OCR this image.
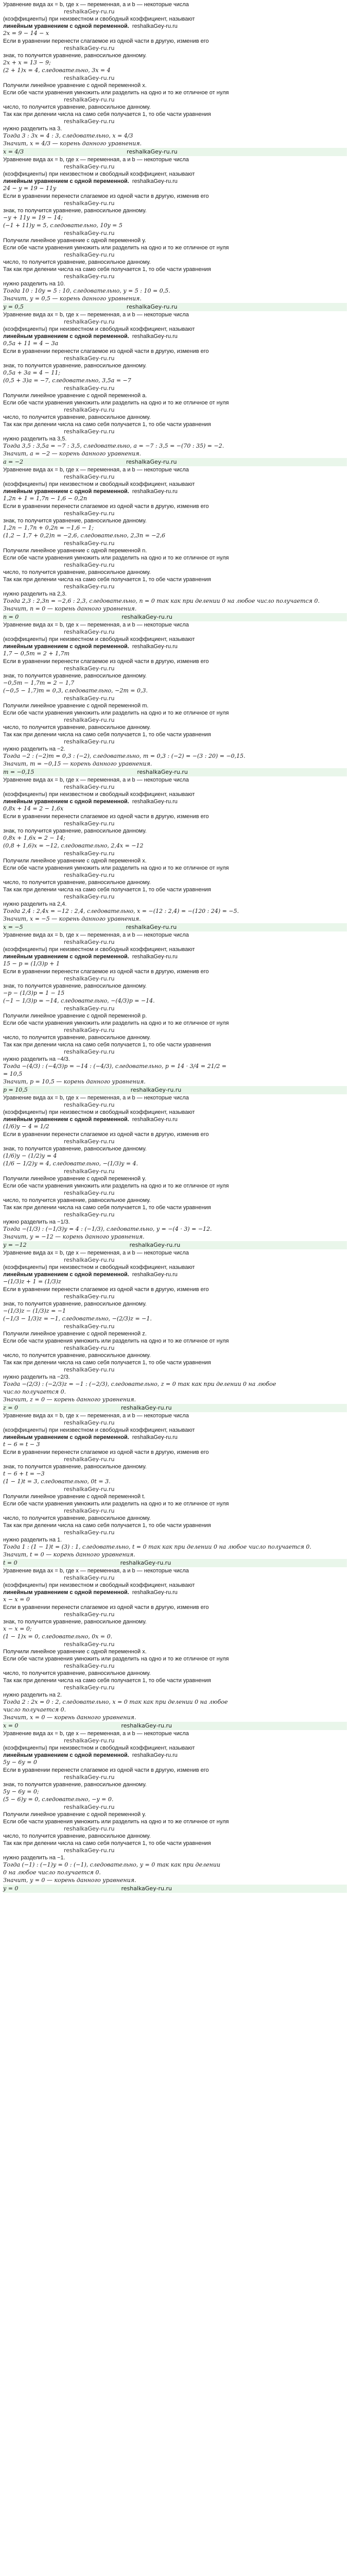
Уравнение вида ax = b, где x — переменная, a и b — некоторые числа
reshalkaGey-ru.ru
(коэффициенты) при неизвестном и свободный коэффициент, называют
линейным уравнением с одной переменной. reshalkaGey-ru.ru
2x = 9 − 14 − x
Если в уравнении перенести слагаемое из одной части в другую, изменив его
reshalkaGey-ru.ru
знак, то получится уравнение, равносильное данному.
2x + x = 13 − 9;
(2 + 1)x = 4, следовательно, 3x = 4
reshalkaGey-ru.ru
Получили линейное уравнение с одной переменной x.
Если обе части уравнения умножить или разделить на одно и то же отличное от нуля
reshalkaGey-ru.ru
число, то получится уравнение, равносильное данному.
Так как при делении числа на само себя получается 1, то обе части уравнения
reshalkaGey-ru.ru
нужно разделить на 3.
Тогда 3 : 3x = 4 : 3, следовательно, x = 4/3
Значит, x = 4/3 — корень данного уравнения.
x = 4/3	reshalkaGey-ru.ru
Уравнение вида ax = b, где x — переменная, a и b — некоторые числа
reshalkaGey-ru.ru
(коэффициенты) при неизвестном и свободный коэффициент, называют
линейным уравнением с одной переменной. reshalkaGey-ru.ru
24 − y = 19 − 11y
Если в уравнении перенести слагаемое из одной части в другую, изменив его
reshalkaGey-ru.ru
знак, то получится уравнение, равносильное данному.
−y + 11y = 19 − 14;
(−1 + 11)y = 5, следовательно, 10y = 5
reshalkaGey-ru.ru
Получили линейное уравнение с одной переменной y.
Если обе части уравнения умножить или разделить на одно и то же отличное от нуля
reshalkaGey-ru.ru
число, то получится уравнение, равносильное данному.
Так как при делении числа на само себя получается 1, то обе части уравнения
reshalkaGey-ru.ru
нужно разделить на 10.
Тогда 10 : 10y = 5 : 10, следовательно, y = 5 : 10 = 0,5.
Значит, y = 0,5 — корень данного уравнения.
y = 0,5	reshalkaGey-ru.ru
Уравнение вида ax = b, где x — переменная, a и b — некоторые числа
reshalkaGey-ru.ru
(коэффициенты) при неизвестном и свободный коэффициент, называют
линейным уравнением с одной переменной. reshalkaGey-ru.ru
0,5a + 11 = 4 − 3a
Если в уравнении перенести слагаемое из одной части в другую, изменив его
reshalkaGey-ru.ru
знак, то получится уравнение, равносильное данному.
0,5a + 3a = 4 − 11;
(0,5 + 3)a = −7, следовательно, 3,5a = −7
reshalkaGey-ru.ru
Получили линейное уравнение с одной переменной a.
Если обе части уравнения умножить или разделить на одно и то же отличное от нуля
reshalkaGey-ru.ru
число, то получится уравнение, равносильное данному.
Так как при делении числа на само себя получается 1, то обе части уравнения
reshalkaGey-ru.ru
нужно разделить на 3,5.
Тогда 3,5 : 3,5a = −7 : 3,5, следовательно, a = −7 : 3,5 = −(70 : 35) = −2.
Значит, a = −2 — корень данного уравнения.
a = −2	reshalkaGey-ru.ru
Уравнение вида ax = b, где x — переменная, a и b — некоторые числа
reshalkaGey-ru.ru
(коэффициенты) при неизвестном и свободный коэффициент, называют
линейным уравнением с одной переменной. reshalkaGey-ru.ru
1,2n + 1 = 1,7n − 1,6 − 0,2n
Если в уравнении перенести слагаемое из одной части в другую, изменив его
reshalkaGey-ru.ru
знак, то получится уравнение, равносильное данному.
1,2n − 1,7n + 0,2n = −1,6 − 1;
(1,2 − 1,7 + 0,2)n = −2,6, следовательно, 2,3n = −2,6
reshalkaGey-ru.ru
Получили линейное уравнение с одной переменной n.
Если обе части уравнения умножить или разделить на одно и то же отличное от нуля
reshalkaGey-ru.ru
число, то получится уравнение, равносильное данному.
Так как при делении числа на само себя получается 1, то обе части уравнения
reshalkaGey-ru.ru
нужно разделить на 2,3.
Тогда 2,3 : 2,3n = −2,6 : 2,3, следовательно, n = 0 так как при делении 0 на любое число получается 0.
Значит, n = 0 — корень данного уравнения.
n = 0	reshalkaGey-ru.ru
Уравнение вида ax = b, где x — переменная, a и b — некоторые числа
reshalkaGey-ru.ru
(коэффициенты) при неизвестном и свободный коэффициент, называют
линейным уравнением с одной переменной. reshalkaGey-ru.ru
1,7 − 0,5m = 2 + 1,7m
Если в уравнении перенести слагаемое из одной части в другую, изменив его
reshalkaGey-ru.ru
знак, то получится уравнение, равносильное данному.
−0,5m − 1,7m = 2 − 1,7
(−0,5 − 1,7)m = 0,3, следовательно, −2m = 0,3.
reshalkaGey-ru.ru
Получили линейное уравнение с одной переменной m.
Если обе части уравнения умножить или разделить на одно и то же отличное от нуля
reshalkaGey-ru.ru
число, то получится уравнение, равносильное данному.
Так как при делении числа на само себя получается 1, то обе части уравнения
reshalkaGey-ru.ru
нужно разделить на −2.
Тогда −2 : (−2)m = 0,3 : (−2), следовательно, m = 0,3 : (−2) = −(3 : 20) = −0,15.
Значит, m = −0,15 — корень данного уравнения.
m = −0,15	reshalkaGey-ru.ru
Уравнение вида ax = b, где x — переменная, a и b — некоторые числа
reshalkaGey-ru.ru
(коэффициенты) при неизвестном и свободный коэффициент, называют
линейным уравнением с одной переменной. reshalkaGey-ru.ru
0,8x + 14 = 2 − 1,6x
Если в уравнении перенести слагаемое из одной части в другую, изменив его
reshalkaGey-ru.ru
знак, то получится уравнение, равносильное данному.
0,8x + 1,6x = 2 − 14;
(0,8 + 1,6)x = −12, следовательно, 2,4x = −12
reshalkaGey-ru.ru
Получили линейное уравнение с одной переменной x.
Если обе части уравнения умножить или разделить на одно и то же отличное от нуля
reshalkaGey-ru.ru
число, то получится уравнение, равносильное данному.
Так как при делении числа на само себя получается 1, то обе части уравнения
reshalkaGey-ru.ru
нужно разделить на 2,4.
Тогда 2,4 : 2,4x = −12 : 2,4, следовательно, x = −(12 : 2,4) = −(120 : 24) = −5.
Значит, x = −5 — корень данного уравнения.
x = −5	reshalkaGey-ru.ru
Уравнение вида ax = b, где x — переменная, a и b — некоторые числа
reshalkaGey-ru.ru
(коэффициенты) при неизвестном и свободный коэффициент, называют
линейным уравнением с одной переменной. reshalkaGey-ru.ru
15 − p = (1/3)p + 1
Если в уравнении перенести слагаемое из одной части в другую, изменив его
reshalkaGey-ru.ru
знак, то получится уравнение, равносильное данному.
−p − (1/3)p = 1 − 15
(−1 − 1/3)p = −14, следовательно, −(4/3)p = −14.
reshalkaGey-ru.ru
Получили линейное уравнение с одной переменной p.
Если обе части уравнения умножить или разделить на одно и то же отличное от нуля
reshalkaGey-ru.ru
число, то получится уравнение, равносильное данному.
Так как при делении числа на само себя получается 1, то обе части уравнения
reshalkaGey-ru.ru
нужно разделить на −4/3.
Тогда −(4/3) : (−4/3)p = −14 : (−4/3), следовательно, p = 14 · 3/4 = 21/2 =
= 10,5
Значит, p = 10,5 — корень данного уравнения.
p = 10,5	reshalkaGey-ru.ru
Уравнение вида ax = b, где x — переменная, a и b — некоторые числа
reshalkaGey-ru.ru
(коэффициенты) при неизвестном и свободный коэффициент, называют
линейным уравнением с одной переменной. reshalkaGey-ru.ru
(1/6)y − 4 = 1/2
Если в уравнении перенести слагаемое из одной части в другую, изменив его
reshalkaGey-ru.ru
знак, то получится уравнение, равносильное данному.
(1/6)y − (1/2)y = 4
(1/6 − 1/2)y = 4, следовательно, −(1/3)y = 4.
reshalkaGey-ru.ru
Получили линейное уравнение с одной переменной y.
Если обе части уравнения умножить или разделить на одно и то же отличное от нуля
reshalkaGey-ru.ru
число, то получится уравнение, равносильное данному.
Так как при делении числа на само себя получается 1, то обе части уравнения
reshalkaGey-ru.ru
нужно разделить на −1/3.
Тогда −(1/3) : (−1/3)y = 4 : (−1/3), следовательно, y = −(4 · 3) = −12.
Значит, y = −12 — корень данного уравнения.
y = −12	reshalkaGey-ru.ru
Уравнение вида ax = b, где x — переменная, a и b — некоторые числа
reshalkaGey-ru.ru
(коэффициенты) при неизвестном и свободный коэффициент, называют
линейным уравнением с одной переменной. reshalkaGey-ru.ru
−(1/3)z + 1 = (1/3)z
Если в уравнении перенести слагаемое из одной части в другую, изменив его
reshalkaGey-ru.ru
знак, то получится уравнение, равносильное данному.
−(1/3)z − (1/3)z = −1
(−1/3 − 1/3)z = −1, следовательно, −(2/3)z = −1.
reshalkaGey-ru.ru
Получили линейное уравнение с одной переменной z.
Если обе части уравнения умножить или разделить на одно и то же отличное от нуля
reshalkaGey-ru.ru
число, то получится уравнение, равносильное данному.
Так как при делении числа на само себя получается 1, то обе части уравнения
reshalkaGey-ru.ru
нужно разделить на −2/3.
Тогда −(2/3) : (−2/3)z = −1 : (−2/3), следовательно, z = 0 так как при делении 0 на любое
число получается 0.
Значит, z = 0 — корень данного уравнения.
z = 0	reshalkaGey-ru.ru
Уравнение вида ax = b, где x — переменная, a и b — некоторые числа
reshalkaGey-ru.ru
(коэффициенты) при неизвестном и свободный коэффициент, называют
линейным уравнением с одной переменной. reshalkaGey-ru.ru
t − 6 = t − 3
Если в уравнении перенести слагаемое из одной части в другую, изменив его
reshalkaGey-ru.ru
знак, то получится уравнение, равносильное данному.
t − 6 + t = −3
(1 − 1)t = 3, следовательно, 0t = 3.
reshalkaGey-ru.ru
Получили линейное уравнение с одной переменной t.
Если обе части уравнения умножить или разделить на одно и то же отличное от нуля
reshalkaGey-ru.ru
число, то получится уравнение, равносильное данному.
Так как при делении числа на само себя получается 1, то обе части уравнения
reshalkaGey-ru.ru
нужно разделить на 1.
Тогда 1 : (1 − 1)t = (3) : 1, следовательно, t = 0 так как при делении 0 на любое число получается 0.
Значит, t = 0 — корень данного уравнения.
t = 0	reshalkaGey-ru.ru
Уравнение вида ax = b, где x — переменная, a и b — некоторые числа
reshalkaGey-ru.ru
(коэффициенты) при неизвестном и свободный коэффициент, называют
линейным уравнением с одной переменной. reshalkaGey-ru.ru
x − x = 0
Если в уравнении перенести слагаемое из одной части в другую, изменив его
reshalkaGey-ru.ru
знак, то получится уравнение, равносильное данному.
x − x = 0;
(1 − 1)x = 0, следовательно, 0x = 0.
reshalkaGey-ru.ru
Получили линейное уравнение с одной переменной x.
Если обе части уравнения умножить или разделить на одно и то же отличное от нуля
reshalkaGey-ru.ru
число, то получится уравнение, равносильное данному.
Так как при делении числа на само себя получается 1, то обе части уравнения
reshalkaGey-ru.ru
нужно разделить на 2.
Тогда 2 : 2x = 0 : 2, следовательно, x = 0 так как при делении 0 на любое
число получается 0.
Значит, x = 0 — корень данного уравнения.
x = 0	reshalkaGey-ru.ru
Уравнение вида ax = b, где x — переменная, a и b — некоторые числа
reshalkaGey-ru.ru
(коэффициенты) при неизвестном и свободный коэффициент, называют
линейным уравнением с одной переменной. reshalkaGey-ru.ru
5y − 6y = 0
Если в уравнении перенести слагаемое из одной части в другую, изменив его
reshalkaGey-ru.ru
знак, то получится уравнение, равносильное данному.
5y − 6y = 0;
(5 − 6)y = 0, следовательно, −y = 0.
reshalkaGey-ru.ru
Получили линейное уравнение с одной переменной y.
Если обе части уравнения умножить или разделить на одно и то же отличное от нуля
reshalkaGey-ru.ru
число, то получится уравнение, равносильное данному.
Так как при делении числа на само себя получается 1, то обе части уравнения
reshalkaGey-ru.ru
нужно разделить на −1.
Тогда (−1) : (−1)y = 0 : (−1), следовательно, y = 0 так как при делении
0 на любое число получается 0.
Значит, y = 0 — корень данного уравнения.
y = 0	reshalkaGey-ru.ru
